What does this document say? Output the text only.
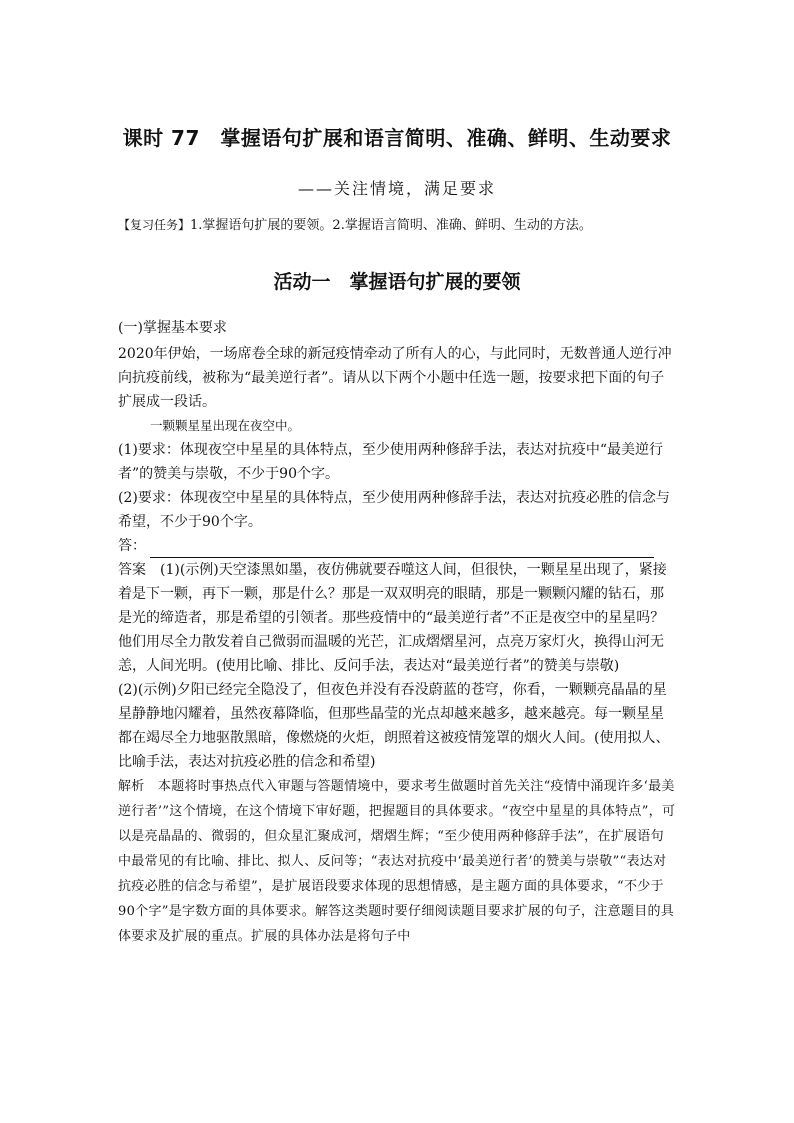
课时 77　掌握语句扩展和语言简明、准确、鲜明、生动要求
——关注情境，满足要求
【复习任务】1.掌握语句扩展的要领。2.掌握语言简明、准确、鲜明、生动的方法。
活动一　掌握语句扩展的要领

(一)掌握基本要求

2020年伊始，一场席卷全球的新冠疫情牵动了所有人的心，与此同时，无数普通人逆行冲向抗疫前线，被称为“最美逆行者”。请从以下两个小题中任选一题，按要求把下面的句子扩展成一段话。

一颗颗星星出现在夜空中。

(1)要求：体现夜空中星星的具体特点，至少使用两种修辞手法，表达对抗疫中“最美逆行者”的赞美与崇敬，不少于90个字。

(2)要求：体现夜空中星星的具体特点，至少使用两种修辞手法，表达对抗疫必胜的信念与希望，不少于90个字。

答：

答案　(1)(示例)天空漆黑如墨，夜仿佛就要吞噬这人间，但很快，一颗星星出现了，紧接着是下一颗，再下一颗，那是什么？那是一双双明亮的眼睛，那是一颗颗闪耀的钻石，那是光的缔造者，那是希望的引领者。那些疫情中的“最美逆行者”不正是夜空中的星星吗？他们用尽全力散发着自己微弱而温暖的光芒，汇成熠熠星河，点亮万家灯火，换得山河无恙，人间光明。(使用比喻、排比、反问手法，表达对“最美逆行者”的赞美与崇敬)

(2)(示例)夕阳已经完全隐没了，但夜色并没有吞没蔚蓝的苍穹，你看，一颗颗亮晶晶的星星静静地闪耀着，虽然夜幕降临，但那些晶莹的光点却越来越多，越来越亮。每一颗星星都在竭尽全力地驱散黑暗，像燃烧的火炬，朗照着这被疫情笼罩的烟火人间。(使用拟人、比喻手法，表达对抗疫必胜的信念和希望)

解析　本题将时事热点代入审题与答题情境中，要求考生做题时首先关注“疫情中涌现许多‘最美逆行者’”这个情境，在这个情境下审好题，把握题目的具体要求。“夜空中星星的具体特点”，可以是亮晶晶的、微弱的，但众星汇聚成河，熠熠生辉；“至少使用两种修辞手法”，在扩展语句中最常见的有比喻、排比、拟人、反问等；“表达对抗疫中‘最美逆行者’的赞美与崇敬”“表达对抗疫必胜的信念与希望”，是扩展语段要求体现的思想情感，是主题方面的具体要求，“不少于90个字”是字数方面的具体要求。解答这类题时要仔细阅读题目要求扩展的句子，注意题目的具体要求及扩展的重点。扩展的具体办法是将句子中
